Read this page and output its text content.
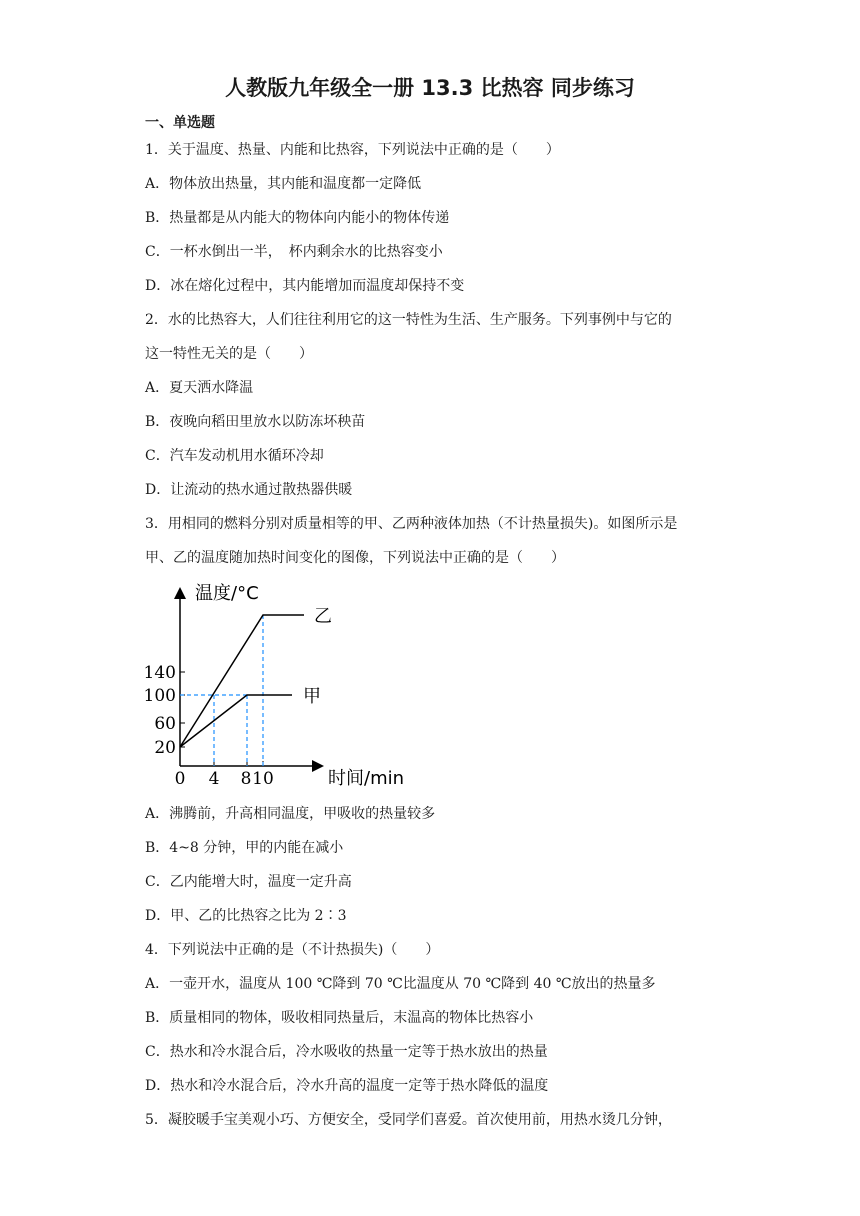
人教版九年级全一册 13.3 比热容 同步练习
一、单选题
1．关于温度、热量、内能和比热容，下列说法中正确的是（　　）
A．物体放出热量，其内能和温度都一定降低
B．热量都是从内能大的物体向内能小的物体传递
C．一杯水倒出一半，　杯内剩余水的比热容变小
D．冰在熔化过程中，其内能增加而温度却保持不变
2．水的比热容大，人们往往利用它的这一特性为生活、生产服务。下列事例中与它的
这一特性无关的是（　　）
A．夏天洒水降温
B．夜晚向稻田里放水以防冻坏秧苗
C．汽车发动机用水循环冷却
D．让流动的热水通过散热器供暖
3．用相同的燃料分别对质量相等的甲、乙两种液体加热（不计热量损失)。如图所示是
甲、乙的温度随加热时间变化的图像，下列说法中正确的是（　　）
温度/°C
时间/min
乙
甲
140
100
60
20
0 4 8 10
A．沸腾前，升高相同温度，甲吸收的热量较多
B．4~8 分钟，甲的内能在减小
C．乙内能增大时，温度一定升高
D．甲、乙的比热容之比为 2∶3
4．下列说法中正确的是（不计热损失)（　　）
A．一壶开水，温度从 100 ℃降到 70 ℃比温度从 70 ℃降到 40 ℃放出的热量多
B．质量相同的物体，吸收相同热量后，末温高的物体比热容小
C．热水和冷水混合后，冷水吸收的热量一定等于热水放出的热量
D．热水和冷水混合后，冷水升高的温度一定等于热水降低的温度
5．凝胶暖手宝美观小巧、方便安全，受同学们喜爱。首次使用前，用热水烫几分钟，
